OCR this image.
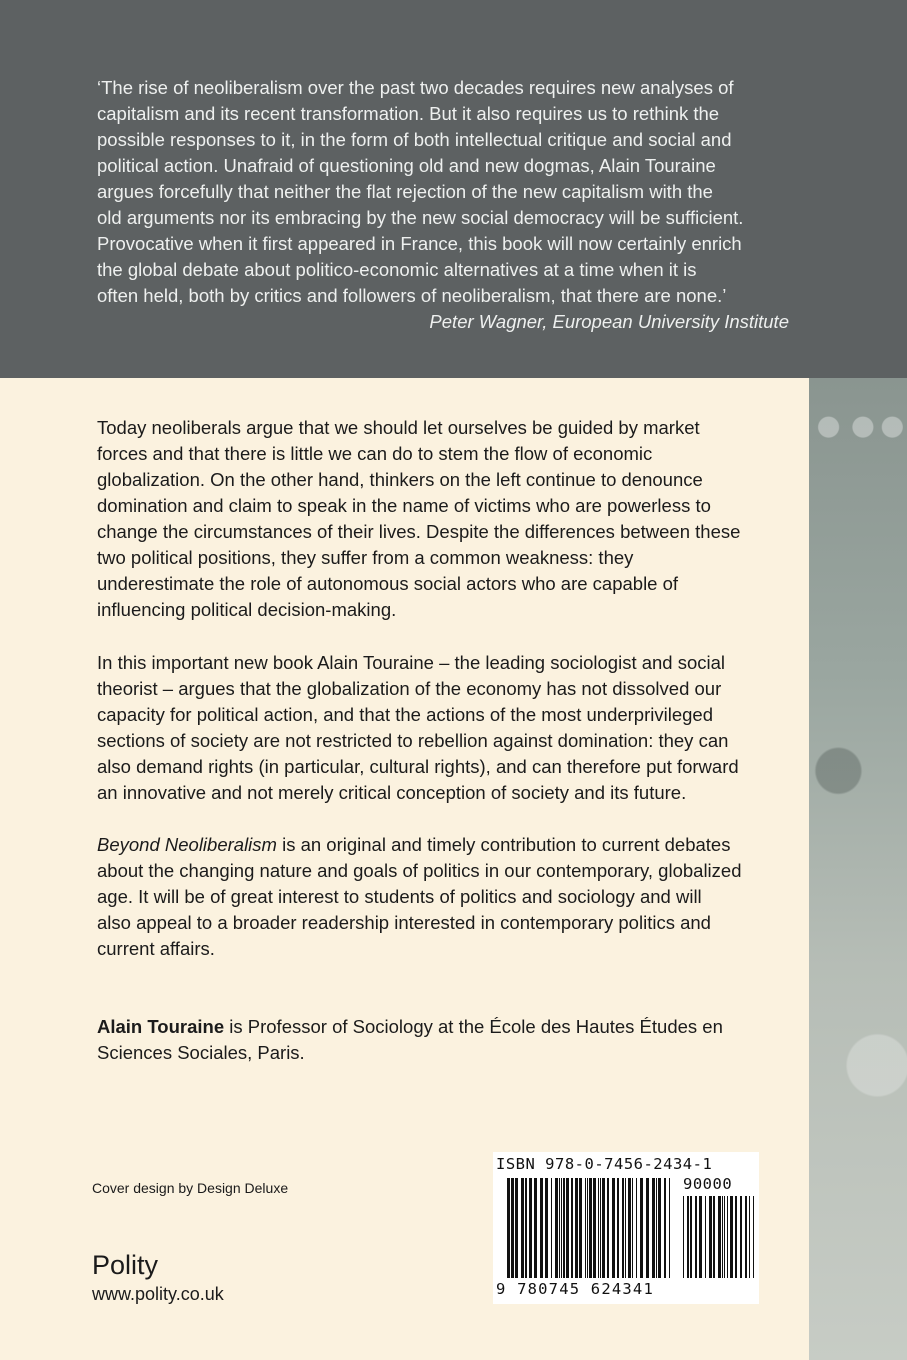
‘The rise of neoliberalism over the past two decades requires new analyses of
capitalism and its recent transformation. But it also requires us to rethink the
possible responses to it, in the form of both intellectual critique and social and
political action. Unafraid of questioning old and new dogmas, Alain Touraine
argues forcefully that neither the flat rejection of the new capitalism with the
old arguments nor its embracing by the new social democracy will be sufficient.
Provocative when it first appeared in France, this book will now certainly enrich
the global debate about politico-economic alternatives at a time when it is
often held, both by critics and followers of neoliberalism, that there are none.’

Peter Wagner, European University Institute

Today neoliberals argue that we should let ourselves be guided by market
forces and that there is little we can do to stem the flow of economic
globalization. On the other hand, thinkers on the left continue to denounce
domination and claim to speak in the name of victims who are powerless to
change the circumstances of their lives. Despite the differences between these
two political positions, they suffer from a common weakness: they
underestimate the role of autonomous social actors who are capable of
influencing political decision-making.

In this important new book Alain Touraine – the leading sociologist and social
theorist – argues that the globalization of the economy has not dissolved our
capacity for political action, and that the actions of the most underprivileged
sections of society are not restricted to rebellion against domination: they can
also demand rights (in particular, cultural rights), and can therefore put forward
an innovative and not merely critical conception of society and its future.

Beyond Neoliberalism is an original and timely contribution to current debates
about the changing nature and goals of politics in our contemporary, globalized
age. It will be of great interest to students of politics and sociology and will
also appeal to a broader readership interested in contemporary politics and
current affairs.

Alain Touraine is Professor of Sociology at the École des Hautes Études en
Sciences Sociales, Paris.

Cover design by Design Deluxe
Polity
www.polity.co.uk
ISBN 978-0-7456-2434-1
90000
9 780745 624341
